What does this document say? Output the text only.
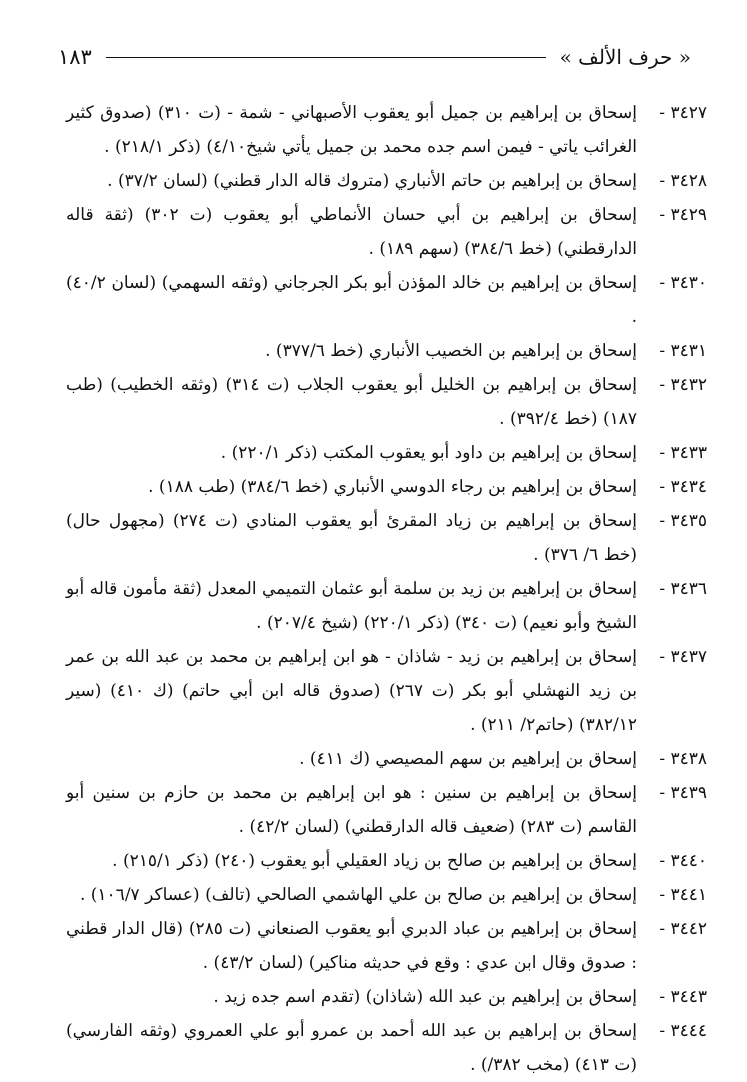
« حرف الألف »
١٨٣
٣٤٢٧ -إسحاق بن إبراهيم بن جميل أبو يعقوب الأصبهاني - شمة - (ت ٣١٠) (صدوق كثير الغرائب ياتي - فيمن اسم جده محمد بن جميل يأتي شيخ٤/١٠) (ذكر ٢١٨/١) .
٣٤٢٨ -إسحاق بن إبراهيم بن حاتم الأنباري (متروك قاله الدار قطني) (لسان ٣٧/٢) .
٣٤٢٩ -إسحاق بن إبراهيم بن أبي حسان الأنماطي أبو يعقوب (ت ٣٠٢) (ثقة قاله الدارقطني) (خط ٣٨٤/٦) (سهم ١٨٩) .
٣٤٣٠ -إسحاق بن إبراهيم بن خالد المؤذن أبو بكر الجرجاني (وثقه السهمي) (لسان ٤٠/٢) .
٣٤٣١ -إسحاق بن إبراهيم بن الخصيب الأنباري (خط ٣٧٧/٦) .
٣٤٣٢ -إسحاق بن إبراهيم بن الخليل أبو يعقوب الجلاب (ت ٣١٤) (وثقه الخطيب) (طب ١٨٧) (خط ٣٩٢/٤) .
٣٤٣٣ -إسحاق بن إبراهيم بن داود أبو يعقوب المكتب (ذكر ٢٢٠/١) .
٣٤٣٤ -إسحاق بن إبراهيم بن رجاء الدوسي الأنباري (خط ٣٨٤/٦) (طب ١٨٨) .
٣٤٣٥ -إسحاق بن إبراهيم بن زياد المقرئ أبو يعقوب المنادي (ت ٢٧٤) (مجهول حال) (خط ٦/ ٣٧٦) .
٣٤٣٦ -إسحاق بن إبراهيم بن زيد بن سلمة أبو عثمان التميمي المعدل (ثقة مأمون قاله أبو الشيخ وأبو نعيم) (ت ٣٤٠) (ذكر ٢٢٠/١) (شيخ ٢٠٧/٤) .
٣٤٣٧ -إسحاق بن إبراهيم بن زيد - شاذان - هو ابن إبراهيم بن محمد بن عبد الله بن عمر بن زيد النهشلي أبو بكر (ت ٢٦٧) (صدوق قاله ابن أبي حاتم) (ك ٤١٠) (سير ٣٨٢/١٢) (حاتم٢/ ٢١١) .
٣٤٣٨ -إسحاق بن إبراهيم بن سهم المصيصي (ك ٤١١) .
٣٤٣٩ -إسحاق بن إبراهيم بن سنين : هو ابن إبراهيم بن محمد بن حازم بن سنين أبو القاسم (ت ٢٨٣) (ضعيف قاله الدارقطني) (لسان ٤٢/٢) .
٣٤٤٠ -إسحاق بن إبراهيم بن صالح بن زياد العقيلي أبو يعقوب (٢٤٠) (ذكر ٢١٥/١) .
٣٤٤١ -إسحاق بن إبراهيم بن صالح بن علي الهاشمي الصالحي (تالف) (عساكر ١٠٦/٧) .
٣٤٤٢ -إسحاق بن إبراهيم بن عباد الدبري أبو يعقوب الصنعاني (ت ٢٨٥) (قال الدار قطني : صدوق وقال ابن عدي : وقع في حديثه مناكير) (لسان ٤٣/٢) .
٣٤٤٣ -إسحاق بن إبراهيم بن عبد الله (شاذان) (تقدم اسم جده زيد .
٣٤٤٤ -إسحاق بن إبراهيم بن عبد الله أحمد بن عمرو أبو علي العمروي (وثقه الفارسي) (ت ٤١٣) (مخب ٣٨٢/) .
